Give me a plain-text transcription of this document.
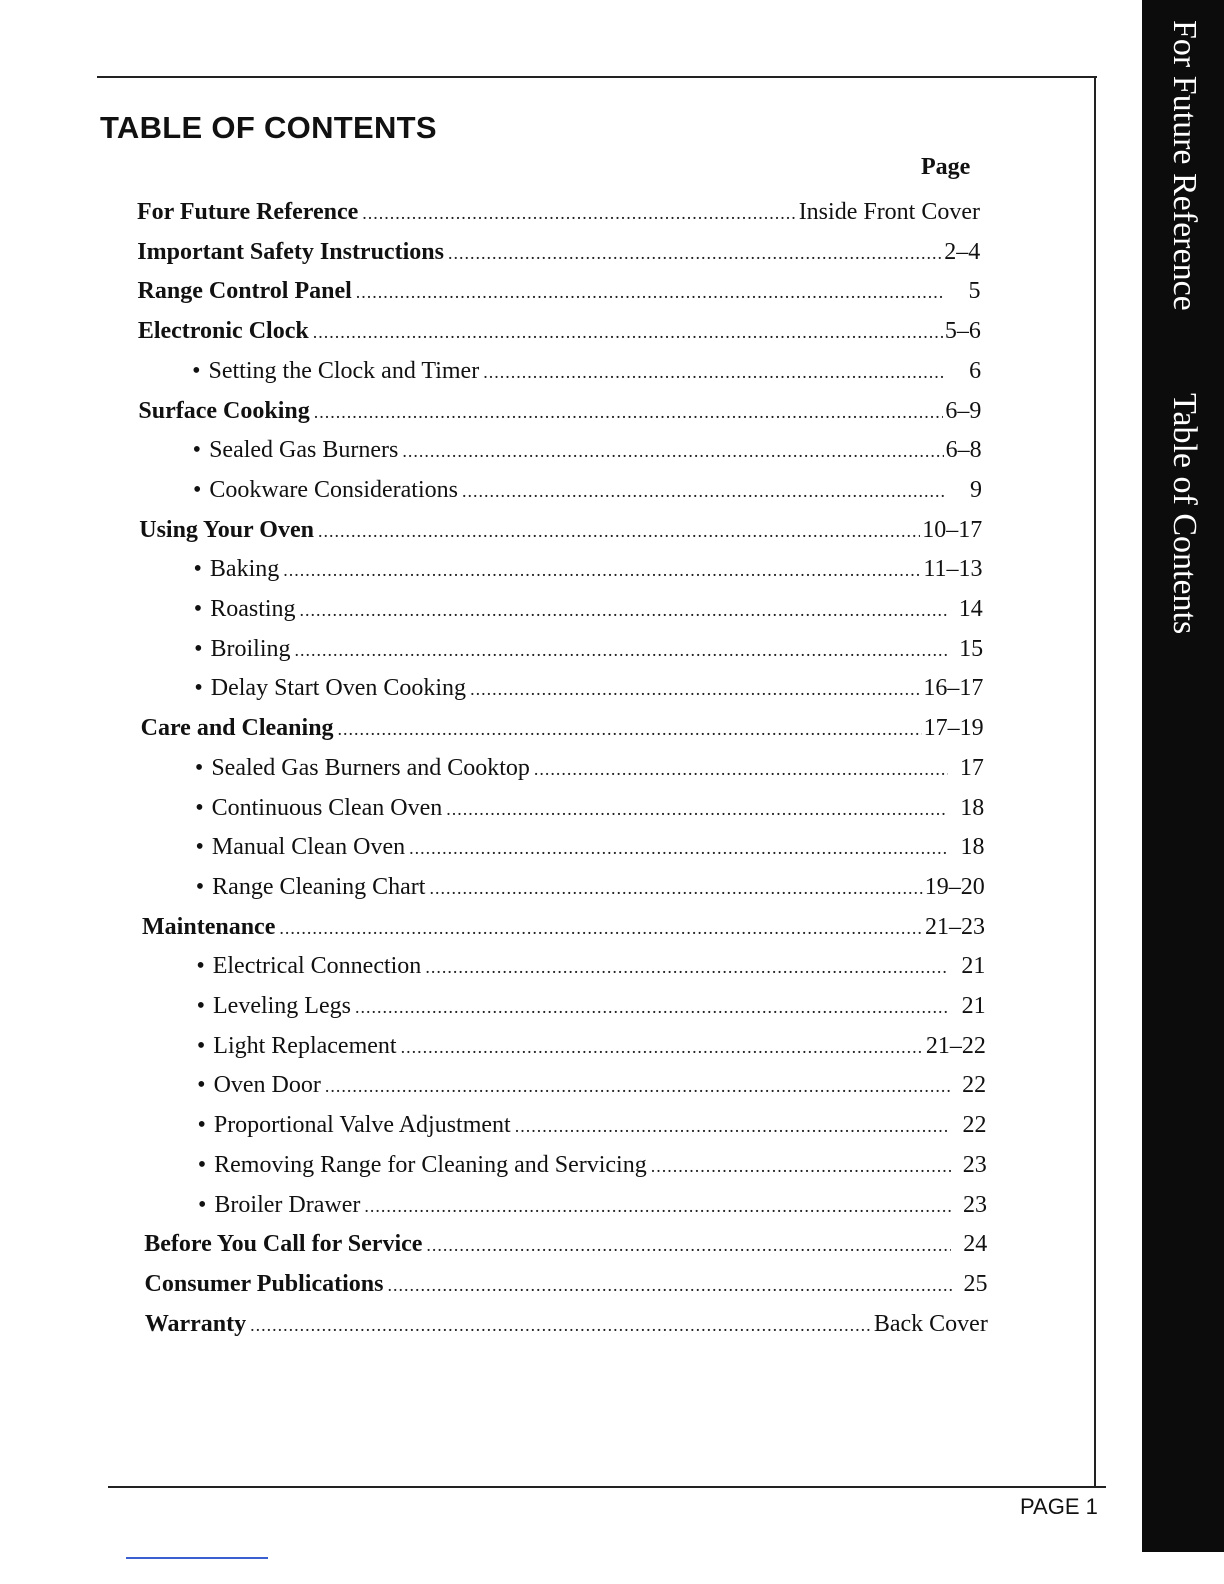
TABLE OF CONTENTS
Page
For Future Reference .....	Inside Front Cover
Important Safety Instructions .....	2–4
Range Control Panel .....	5
Electronic Clock .....	5–6
• Setting the Clock and Timer .....	6
Surface Cooking .....	6–9
• Sealed Gas Burners .....	6–8
• Cookware Considerations .....	9
Using Your Oven .....	10–17
• Baking .....	11–13
• Roasting .....	14
• Broiling .....	15
• Delay Start Oven Cooking .....	16–17
Care and Cleaning .....	17–19
• Sealed Gas Burners and Cooktop .....	17
• Continuous Clean Oven .....	18
• Manual Clean Oven .....	18
• Range Cleaning Chart .....	19–20
Maintenance .....	21–23
• Electrical Connection .....	21
• Leveling Legs .....	21
• Light Replacement .....	21–22
• Oven Door .....	22
• Proportional Valve Adjustment .....	22
• Removing Range for Cleaning and Servicing .....	23
• Broiler Drawer .....	23
Before You Call for Service .....	24
Consumer Publications .....	25
Warranty .....	Back Cover
For Future Reference Table of Contents
PAGE 1
